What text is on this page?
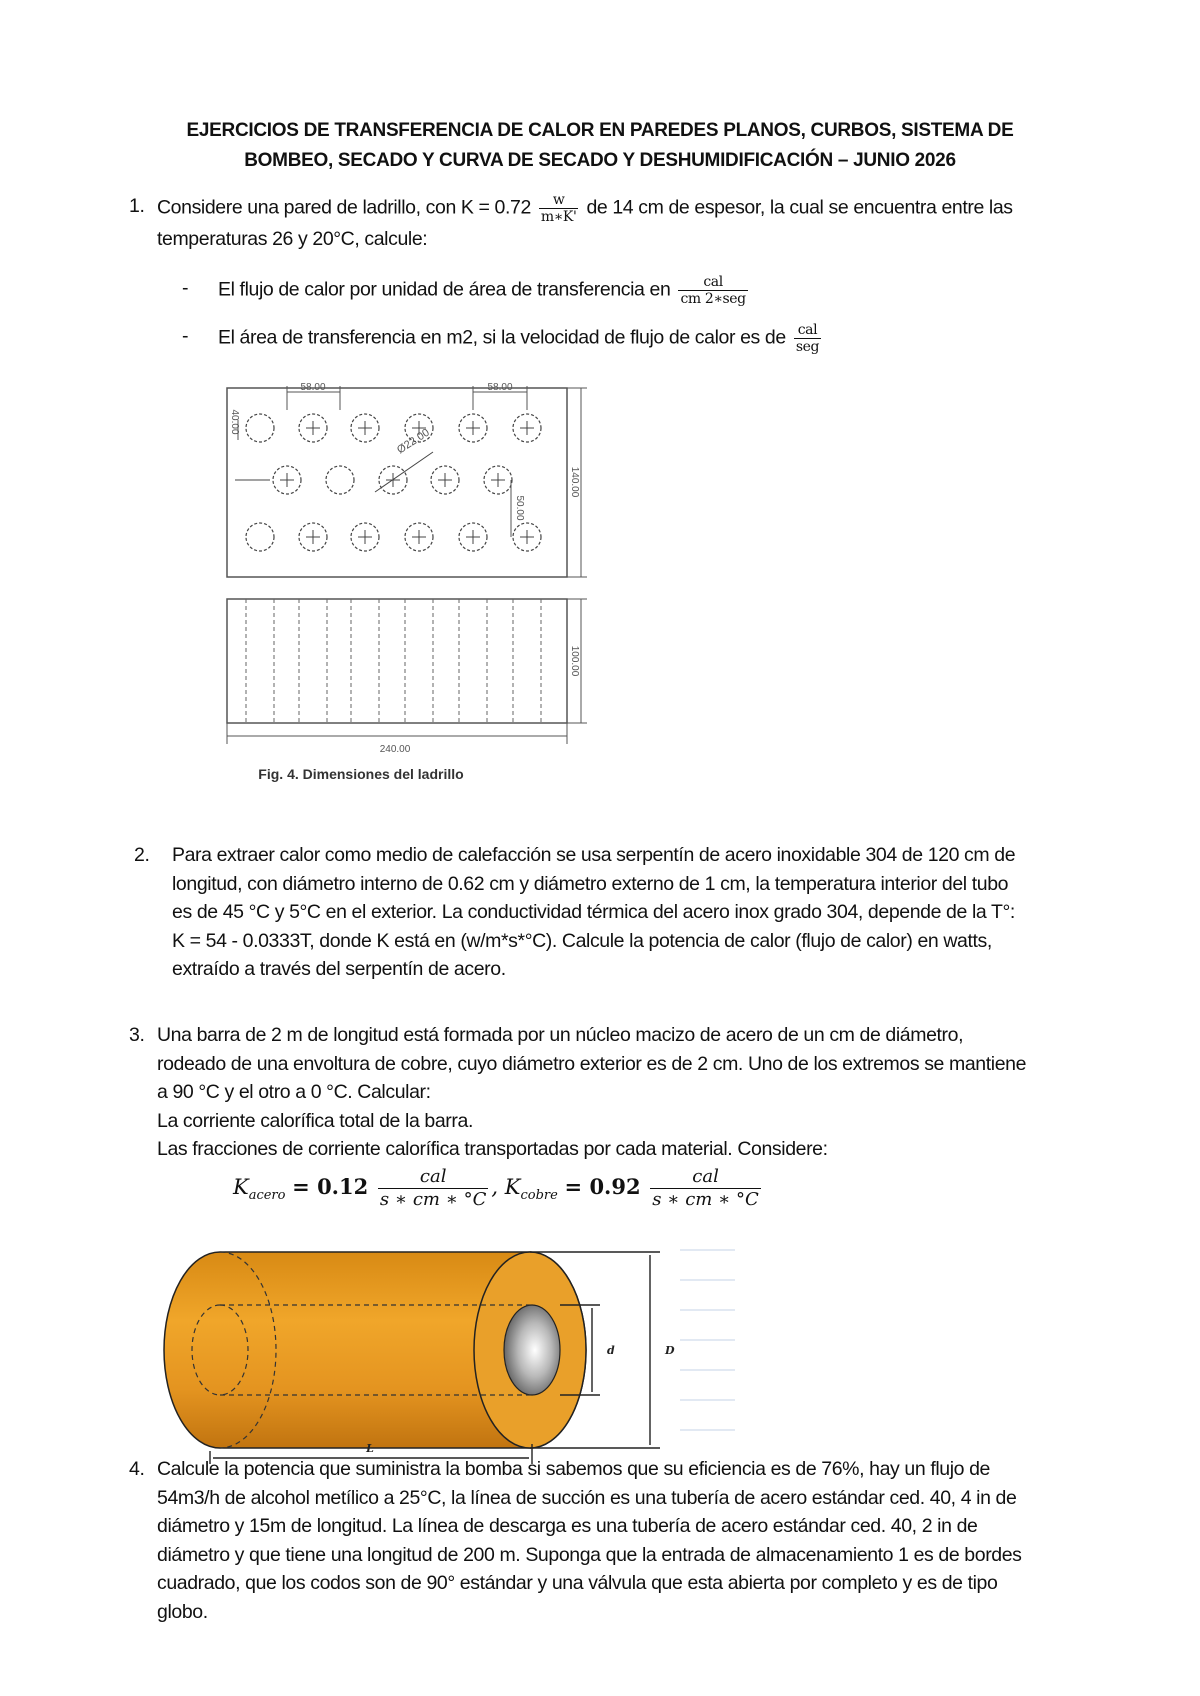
EJERCICIOS DE TRANSFERENCIA DE CALOR EN PAREDES PLANOS, CURBOS, SISTEMA DE
BOMBEO, SECADO Y CURVA DE SECADO Y DESHUMIDIFICACIÓN – JUNIO 2026
1. Considere una pared de ladrillo, con $K = 0.72 \frac{w}{m∗K'}$ de 14 cm de espesor, la cual se encuentra entre las
temperaturas 26 y 20°C, calcule:
- El flujo de calor por unidad de área de transferencia en $\frac{\text{cal}}{\text{cm 2∗seg}}$
- El área de transferencia en m2, si la velocidad de flujo de calor es de $\frac{\text{cal}}{\text{seg}}$
58.00	58.00
40.00
Ø22.00
50.00
140.00
100.00
240.00
Fig. 4. Dimensiones del ladrillo
2. Para extraer calor como medio de calefacción se usa serpentín de acero inoxidable 304 de 120 cm de
longitud, con diámetro interno de 0.62 cm y diámetro externo de 1 cm, la temperatura interior del tubo
es de 45 °C y 5°C en el exterior. La conductividad térmica del acero inox grado 304, depende de la T°:
K = 54 - 0.0333T, donde K está en (w/m*s*°C). Calcule la potencia de calor (flujo de calor) en watts,
extraído a través del serpentín de acero.
3. Una barra de 2 m de longitud está formada por un núcleo macizo de acero de un cm de diámetro,
rodeado de una envoltura de cobre, cuyo diámetro exterior es de 2 cm. Uno de los extremos se mantiene
a 90 °C y el otro a 0 °C. Calcular:
La corriente calorífica total de la barra.
Las fracciones de corriente calorífica transportadas por cada material. Considere:
$K_{acero} = 0.12 \frac{\text{cal}}{s ∗ cm ∗ ^\circ C}$ , $K_{cobre} = 0.92 \frac{\text{cal}}{s ∗ cm ∗ ^\circ C}$
d	D
L
4. Calcule la potencia que suministra la bomba si sabemos que su eficiencia es de 76%, hay un flujo de
54m3/h de alcohol metílico a 25°C, la línea de succión es una tubería de acero estándar ced. 40, 4 in de
diámetro y 15m de longitud. La línea de descarga es una tubería de acero estándar ced. 40, 2 in de
diámetro y que tiene una longitud de 200 m. Suponga que la entrada de almacenamiento 1 es de bordes
cuadrado, que los codos son de 90° estándar y una válvula que esta abierta por completo y es de tipo
globo.
